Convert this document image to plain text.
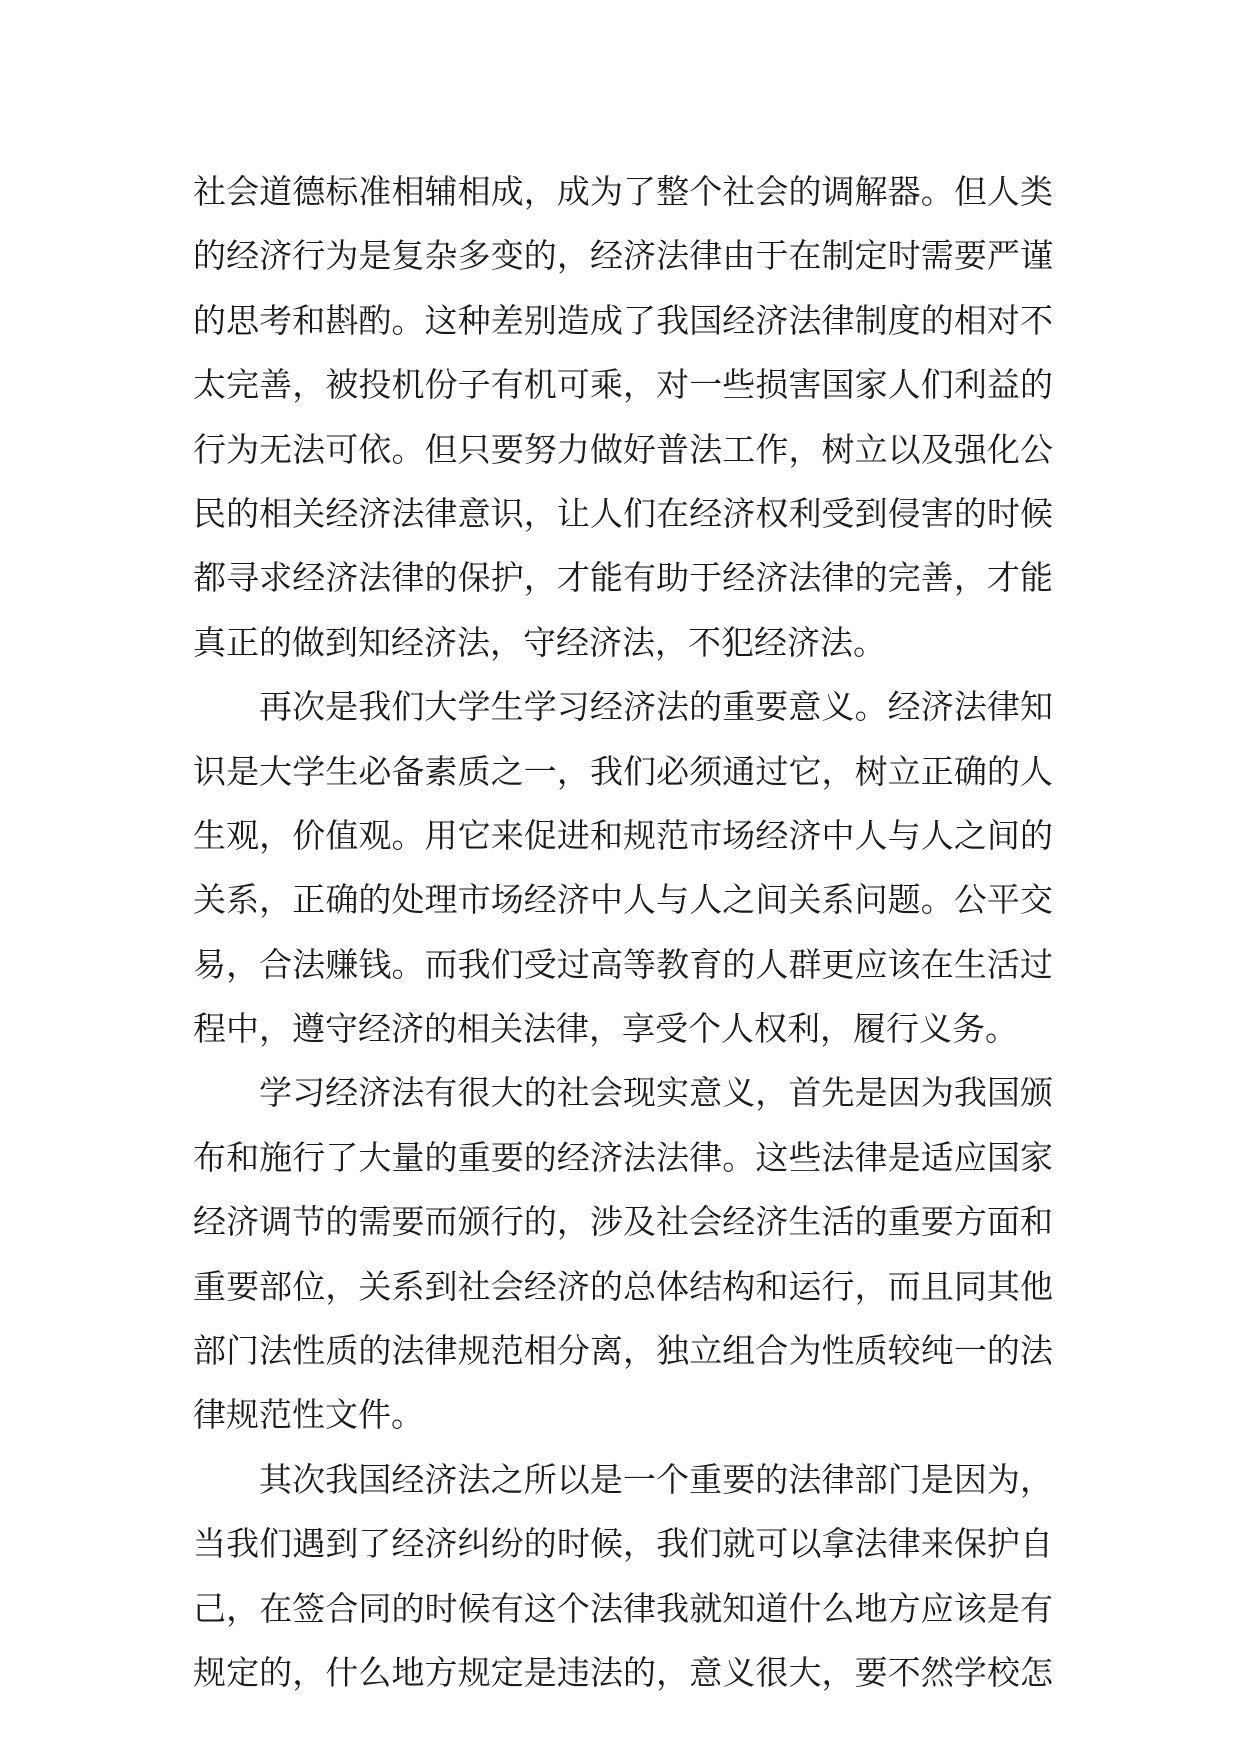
社会道德标准相辅相成，成为了整个社会的调解器。但人类
的经济行为是复杂多变的，经济法律由于在制定时需要严谨
的思考和斟酌。这种差别造成了我国经济法律制度的相对不
太完善，被投机份子有机可乘，对一些损害国家人们利益的
行为无法可依。但只要努力做好普法工作，树立以及强化公
民的相关经济法律意识，让人们在经济权利受到侵害的时候
都寻求经济法律的保护，才能有助于经济法律的完善，才能
真正的做到知经济法，守经济法，不犯经济法。
再次是我们大学生学习经济法的重要意义。经济法律知
识是大学生必备素质之一，我们必须通过它，树立正确的人
生观，价值观。用它来促进和规范市场经济中人与人之间的
关系，正确的处理市场经济中人与人之间关系问题。公平交
易，合法赚钱。而我们受过高等教育的人群更应该在生活过
程中，遵守经济的相关法律，享受个人权利，履行义务。
学习经济法有很大的社会现实意义，首先是因为我国颁
布和施行了大量的重要的经济法法律。这些法律是适应国家
经济调节的需要而颁行的，涉及社会经济生活的重要方面和
重要部位，关系到社会经济的总体结构和运行，而且同其他
部门法性质的法律规范相分离，独立组合为性质较纯一的法
律规范性文件。
其次我国经济法之所以是一个重要的法律部门是因为，
当我们遇到了经济纠纷的时候，我们就可以拿法律来保护自
己，在签合同的时候有这个法律我就知道什么地方应该是有
规定的，什么地方规定是违法的，意义很大，要不然学校怎
